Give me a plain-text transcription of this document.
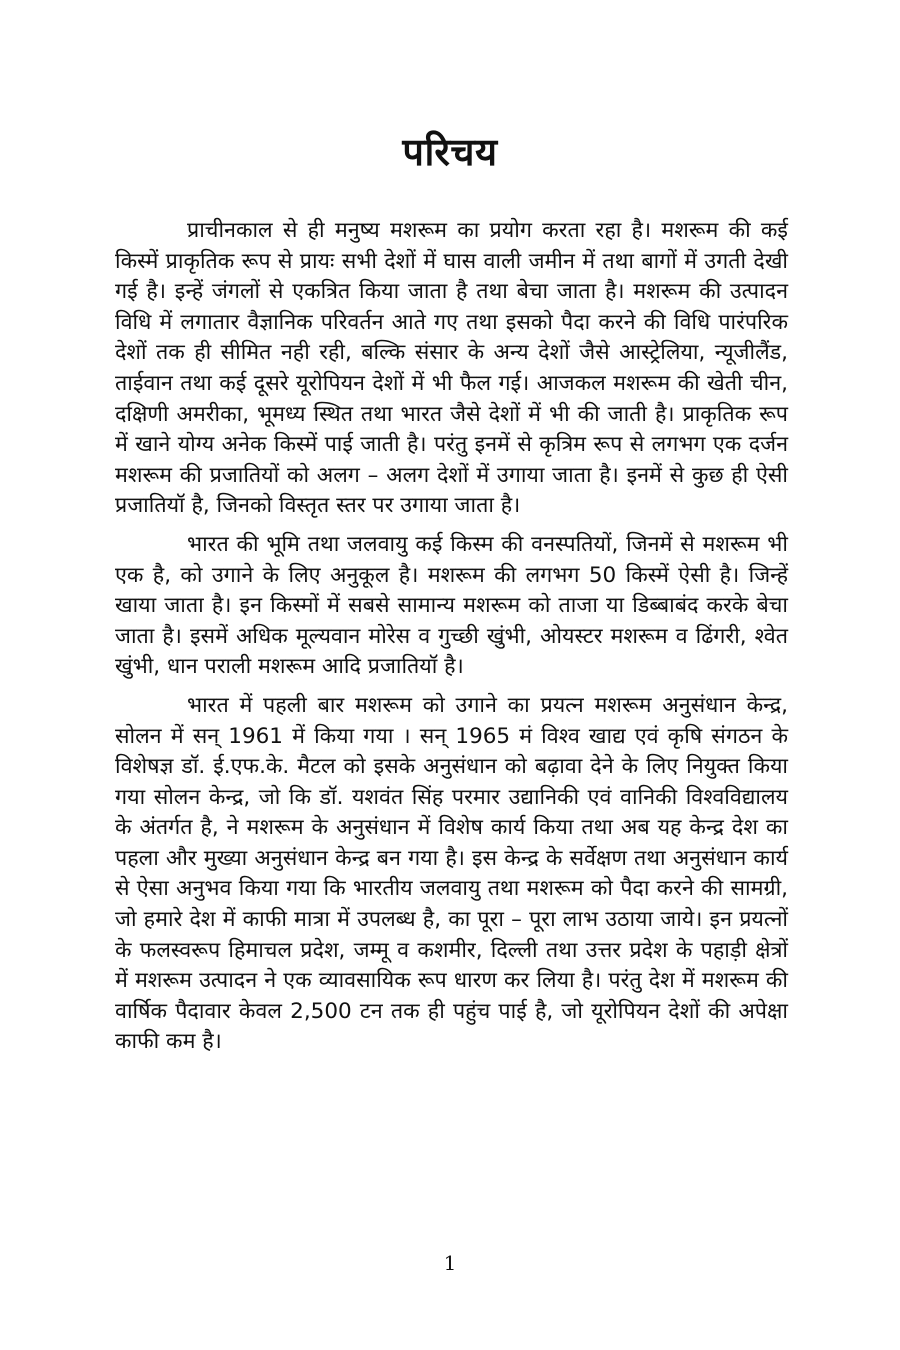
परिचय

प्राचीनकाल से ही मनुष्य मशरूम का प्रयोग करता रहा है। मशरूम की कई किस्में प्राकृतिक रूप से प्रायः सभी देशों में घास वाली जमीन में तथा बागों में उगती देखी गई है। इन्हें जंगलों से एकत्रित किया जाता है तथा बेचा जाता है। मशरूम की उत्पादन विधि में लगातार वैज्ञानिक परिवर्तन आते गए तथा इसको पैदा करने की विधि पारंपरिक देशों तक ही सीमित नही रही, बल्कि संसार के अन्य देशों जैसे आस्ट्रेलिया, न्यूजीलैंड, ताईवान तथा कई दूसरे यूरोपियन देशों में भी फैल गई। आजकल मशरूम की खेती चीन, दक्षिणी अमरीका, भूमध्य स्थित तथा भारत जैसे देशों में भी की जाती है। प्राकृतिक रूप में खाने योग्य अनेक किस्में पाई जाती है। परंतु इनमें से कृत्रिम रूप से लगभग एक दर्जन मशरूम की प्रजातियों को अलग – अलग देशों में उगाया जाता है। इनमें से कुछ ही ऐसी प्रजातियॉ है, जिनको विस्तृत स्तर पर उगाया जाता है।

भारत की भूमि तथा जलवायु कई किस्म की वनस्पतियों, जिनमें से मशरूम भी एक है, को उगाने के लिए अनुकूल है। मशरूम की लगभग 50 किस्में ऐसी है। जिन्हें खाया जाता है। इन किस्मों में सबसे सामान्य मशरूम को ताजा या डिब्बाबंद करके बेचा जाता है। इसमें अधिक मूल्यवान मोरेस व गुच्छी खुंभी, ओयस्टर मशरूम व ढिंगरी, श्वेत खुंभी, धान पराली मशरूम आदि प्रजातियॉ है।

भारत में पहली बार मशरूम को उगाने का प्रयत्न मशरूम अनुसंधान केन्द्र, सोलन में सन् 1961 में किया गया । सन् 1965 मं विश्व खाद्य एवं कृषि संगठन के विशेषज्ञ डॉ. ई.एफ.के. मैटल को इसके अनुसंधान को बढ़ावा देने के लिए नियुक्त किया गया सोलन केन्द्र, जो कि डॉ. यशवंत सिंह परमार उद्यानिकी एवं वानिकी विश्वविद्यालय के अंतर्गत है, ने मशरूम के अनुसंधान में विशेष कार्य किया तथा अब यह केन्द्र देश का पहला और मुख्या अनुसंधान केन्द्र बन गया है। इस केन्द्र के सर्वेक्षण तथा अनुसंधान कार्य से ऐसा अनुभव किया गया कि भारतीय जलवायु तथा मशरूम को पैदा करने की सामग्री, जो हमारे देश में काफी मात्रा में उपलब्ध है, का पूरा – पूरा लाभ उठाया जाये। इन प्रयत्नों के फलस्वरूप हिमाचल प्रदेश, जम्मू व कशमीर, दिल्ली तथा उत्तर प्रदेश के पहाड़ी क्षेत्रों में मशरूम उत्पादन ने एक व्यावसायिक रूप धारण कर लिया है। परंतु देश में मशरूम की वार्षिक पैदावार केवल 2,500 टन तक ही पहुंच पाई है, जो यूरोपियन देशों की अपेक्षा काफी कम है।

1
